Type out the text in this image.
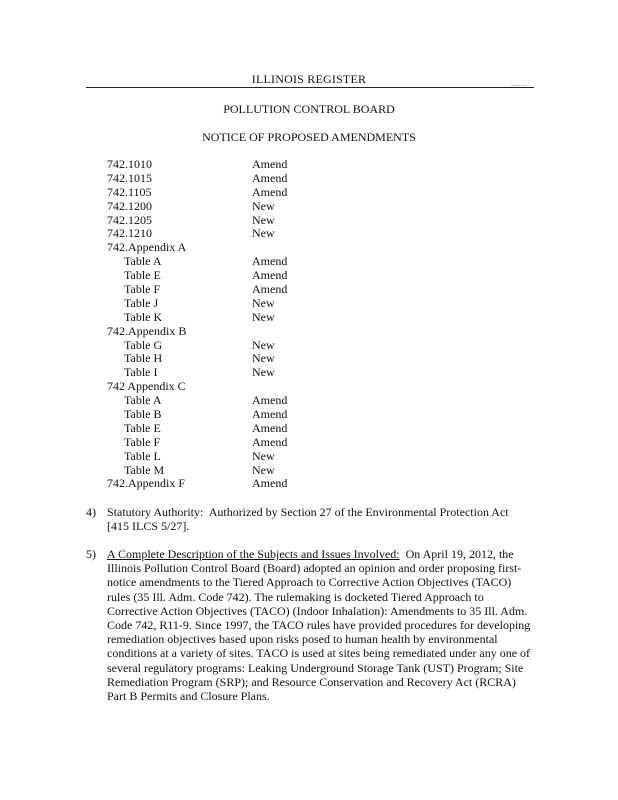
ILLINOIS REGISTER	...........
POLLUTION CONTROL BOARD
NOTICE OF PROPOSED AMENDMENTS
742.1010	Amend
742.1015	Amend
742.1105	Amend
742.1200	New
742.1205	New
742.1210	New
742.Appendix A
Table A	Amend
Table E	Amend
Table F	Amend
Table J	New
Table K	New
742.Appendix B
Table G	New
Table H	New
Table I	New
742 Appendix C
Table A	Amend
Table B	Amend
Table E	Amend
Table F	Amend
Table L	New
Table M	New
742.Appendix F	Amend
4) Statutory Authority: Authorized by Section 27 of the Environmental Protection Act [415 ILCS 5/27].
5) A Complete Description of the Subjects and Issues Involved: On April 19, 2012, the Illinois Pollution Control Board (Board) adopted an opinion and order proposing first-notice amendments to the Tiered Approach to Corrective Action Objectives (TACO) rules (35 Ill. Adm. Code 742). The rulemaking is docketed Tiered Approach to Corrective Action Objectives (TACO) (Indoor Inhalation): Amendments to 35 Ill. Adm. Code 742, R11-9. Since 1997, the TACO rules have provided procedures for developing remediation objectives based upon risks posed to human health by environmental conditions at a variety of sites. TACO is used at sites being remediated under any one of several regulatory programs: Leaking Underground Storage Tank (UST) Program; Site Remediation Program (SRP); and Resource Conservation and Recovery Act (RCRA) Part B Permits and Closure Plans.
